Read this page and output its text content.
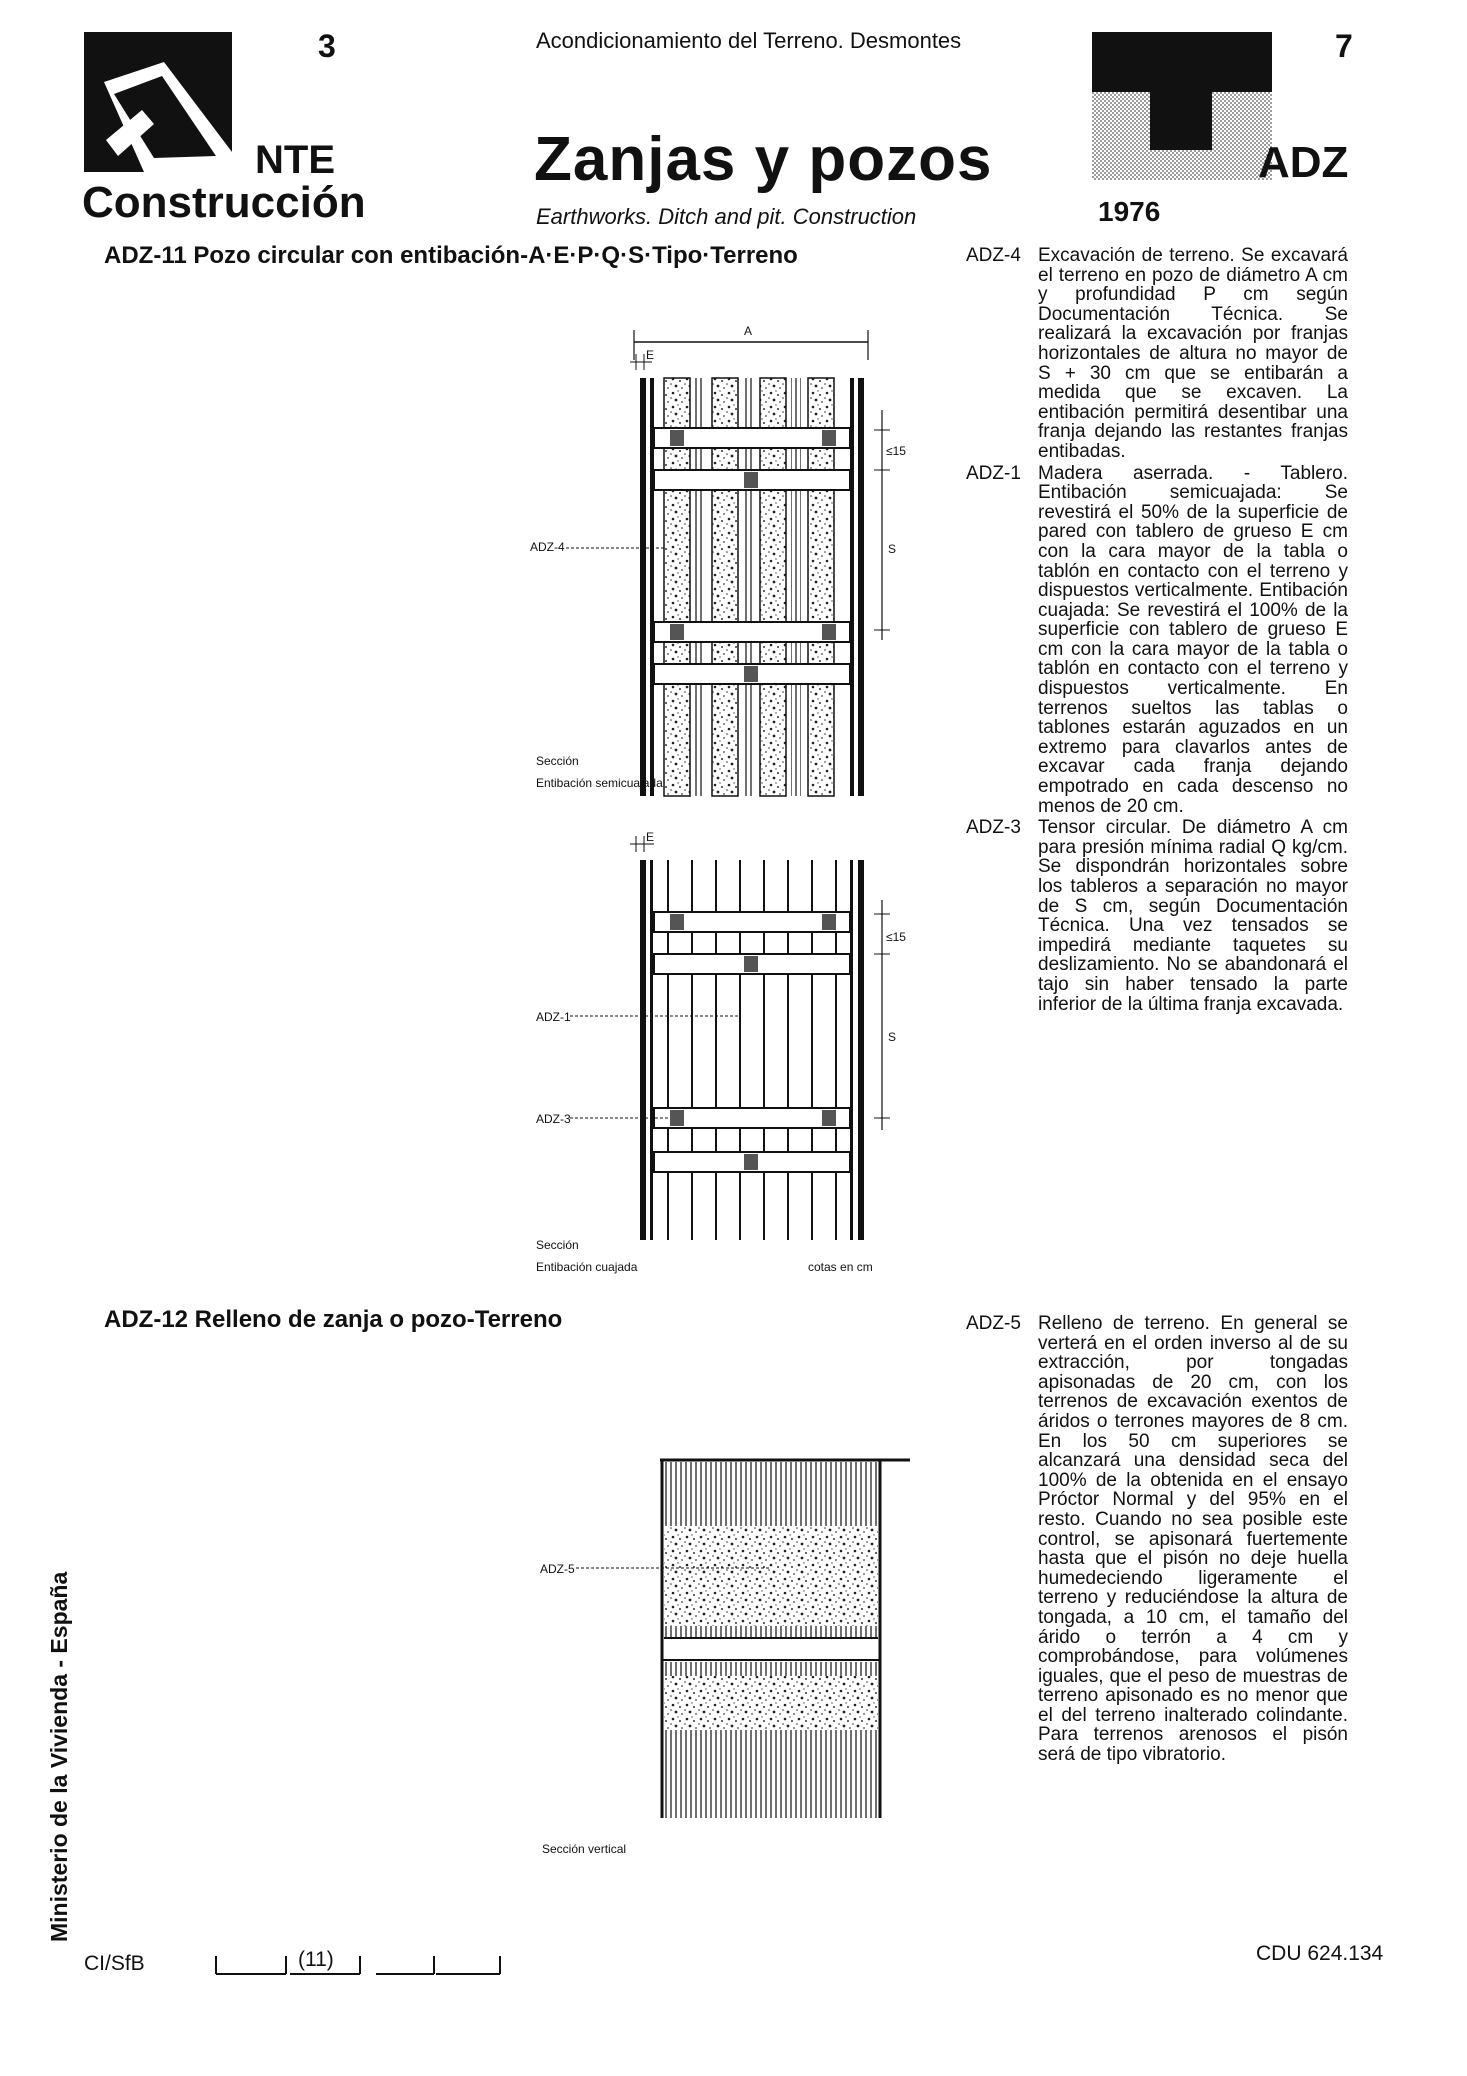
3
NTE
Construcción
Acondicionamiento del Terreno. Desmontes
Zanjas y pozos
Earthworks. Ditch and pit. Construction
7
ADZ
1976
ADZ-11 Pozo circular con entibación-A·E·P·Q·S·Tipo·Terreno
ADZ-12 Relleno de zanja o pozo-Terreno
A
E
≤15
S
ADZ-4
Sección
Entibación semicuajada
E
≤15
S
ADZ-1
ADZ-3
Sección
Entibación cuajada	cotas en cm
ADZ-5
Sección vertical
ADZ-4 Excavación de terreno. Se excavará el terreno en pozo de diámetro A cm y profundidad P cm según Documentación Técnica. Se realizará la excavación por franjas horizontales de altura no mayor de S + 30 cm que se entibarán a medida que se excaven. La entibación permitirá desentibar una franja dejando las restantes franjas entibadas.

ADZ-1 Madera aserrada. - Tablero. Entibación semicuajada: Se revestirá el 50% de la superficie de pared con tablero de grueso E cm con la cara mayor de la tabla o tablón en contacto con el terreno y dispuestos verticalmente. Entibación cuajada: Se revestirá el 100% de la superficie con tablero de grueso E cm con la cara mayor de la tabla o tablón en contacto con el terreno y dispuestos verticalmente. En terrenos sueltos las tablas o tablones estarán aguzados en un extremo para clavarlos antes de excavar cada franja dejando empotrado en cada descenso no menos de 20 cm.

ADZ-3 Tensor circular. De diámetro A cm para presión mínima radial Q kg/cm. Se dispondrán horizontales sobre los tableros a separación no mayor de S cm, según Documentación Técnica. Una vez tensados se impedirá mediante taquetes su deslizamiento. No se abandonará el tajo sin haber tensado la parte inferior de la última franja excavada.

ADZ-5 Relleno de terreno. En general se verterá en el orden inverso al de su extracción, por tongadas apisonadas de 20 cm, con los terrenos de excavación exentos de áridos o terrones mayores de 8 cm. En los 50 cm superiores se alcanzará una densidad seca del 100% de la obtenida en el ensayo Próctor Normal y del 95% en el resto. Cuando no sea posible este control, se apisonará fuertemente hasta que el pisón no deje huella humedeciendo ligeramente el terreno y reduciéndose la altura de tongada, a 10 cm, el tamaño del árido o terrón a 4 cm y comprobándose, para volúmenes iguales, que el peso de muestras de terreno apisonado es no menor que el del terreno inalterado colindante. Para terrenos arenosos el pisón será de tipo vibratorio.

Ministerio de la Vivienda - España
CI/SfB	(11)	CDU 624.134
